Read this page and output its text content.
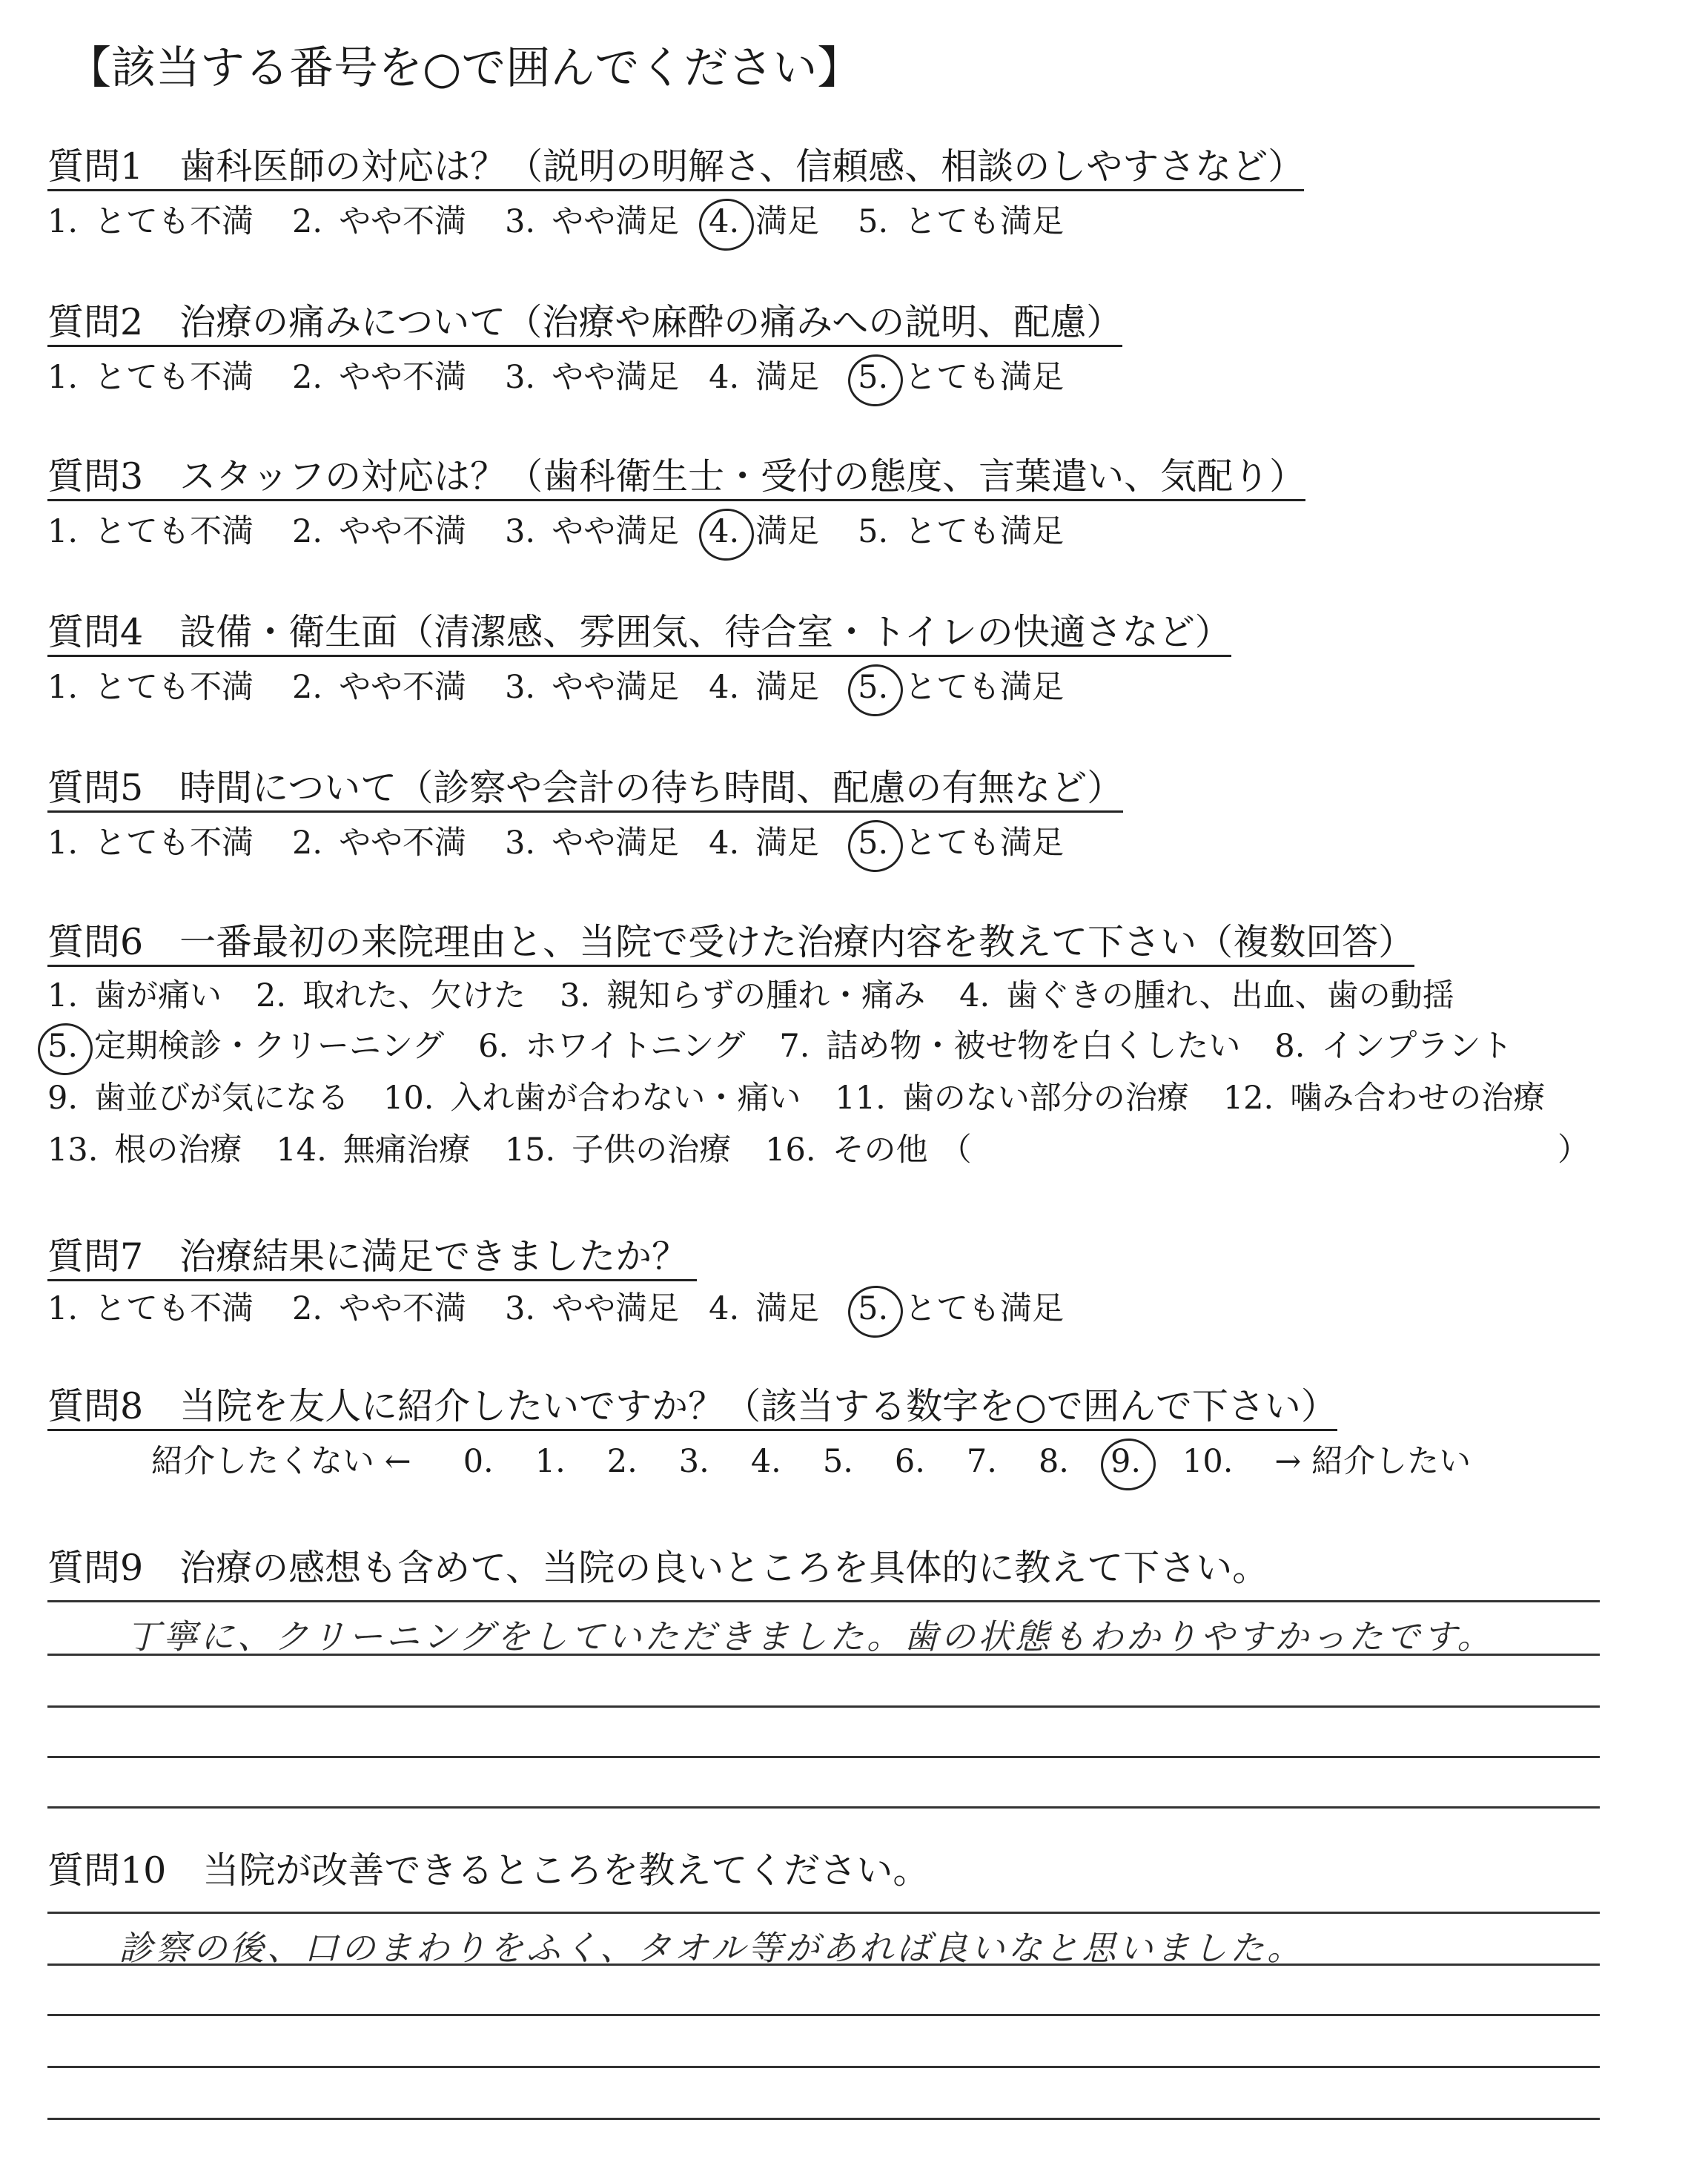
【該当する番号を○で囲んでください】
質問1　歯科医師の対応は？（説明の明解さ、信頼感、相談のしやすさなど）
1. とても不満 2. やや不満 3. やや満足 4. 満足 5. とても満足
質問2　治療の痛みについて（治療や麻酔の痛みへの説明、配慮）
1. とても不満 2. やや不満 3. やや満足 4. 満足 5. とても満足
質問3　スタッフの対応は？（歯科衛生士・受付の態度、言葉遣い、気配り）
1. とても不満 2. やや不満 3. やや満足 4. 満足 5. とても満足
質問4　設備・衛生面（清潔感、雰囲気、待合室・トイレの快適さなど）
1. とても不満 2. やや不満 3. やや満足 4. 満足 5. とても満足
質問5　時間について（診察や会計の待ち時間、配慮の有無など）
1. とても不満 2. やや不満 3. やや満足 4. 満足 5. とても満足
質問6　一番最初の来院理由と、当院で受けた治療内容を教えて下さい（複数回答）
1. 歯が痛い 2. 取れた、欠けた 3. 親知らずの腫れ・痛み 4. 歯ぐきの腫れ、出血、歯の動揺
5. 定期検診・クリーニング 6. ホワイトニング 7. 詰め物・被せ物を白くしたい 8. インプラント
9. 歯並びが気になる 10. 入れ歯が合わない・痛い 11. 歯のない部分の治療 12. 噛み合わせの治療
13. 根の治療 14. 無痛治療 15. 子供の治療 16. その他 （	）
質問7　治療結果に満足できましたか？
1. とても不満 2. やや不満 3. やや満足 4. 満足 5. とても満足
質問8　当院を友人に紹介したいですか？（該当する数字を○で囲んで下さい）
紹介したくない ← 0. 1. 2. 3. 4. 5. 6. 7. 8. 9. 10. → 紹介したい
質問9　治療の感想も含めて、当院の良いところを具体的に教えて下さい。
丁寧に、クリーニングをしていただきました。歯の状態もわかりやすかったです。
質問10　当院が改善できるところを教えてください。
診察の後、口のまわりをふく、タオル等があれば良いなと思いました。
